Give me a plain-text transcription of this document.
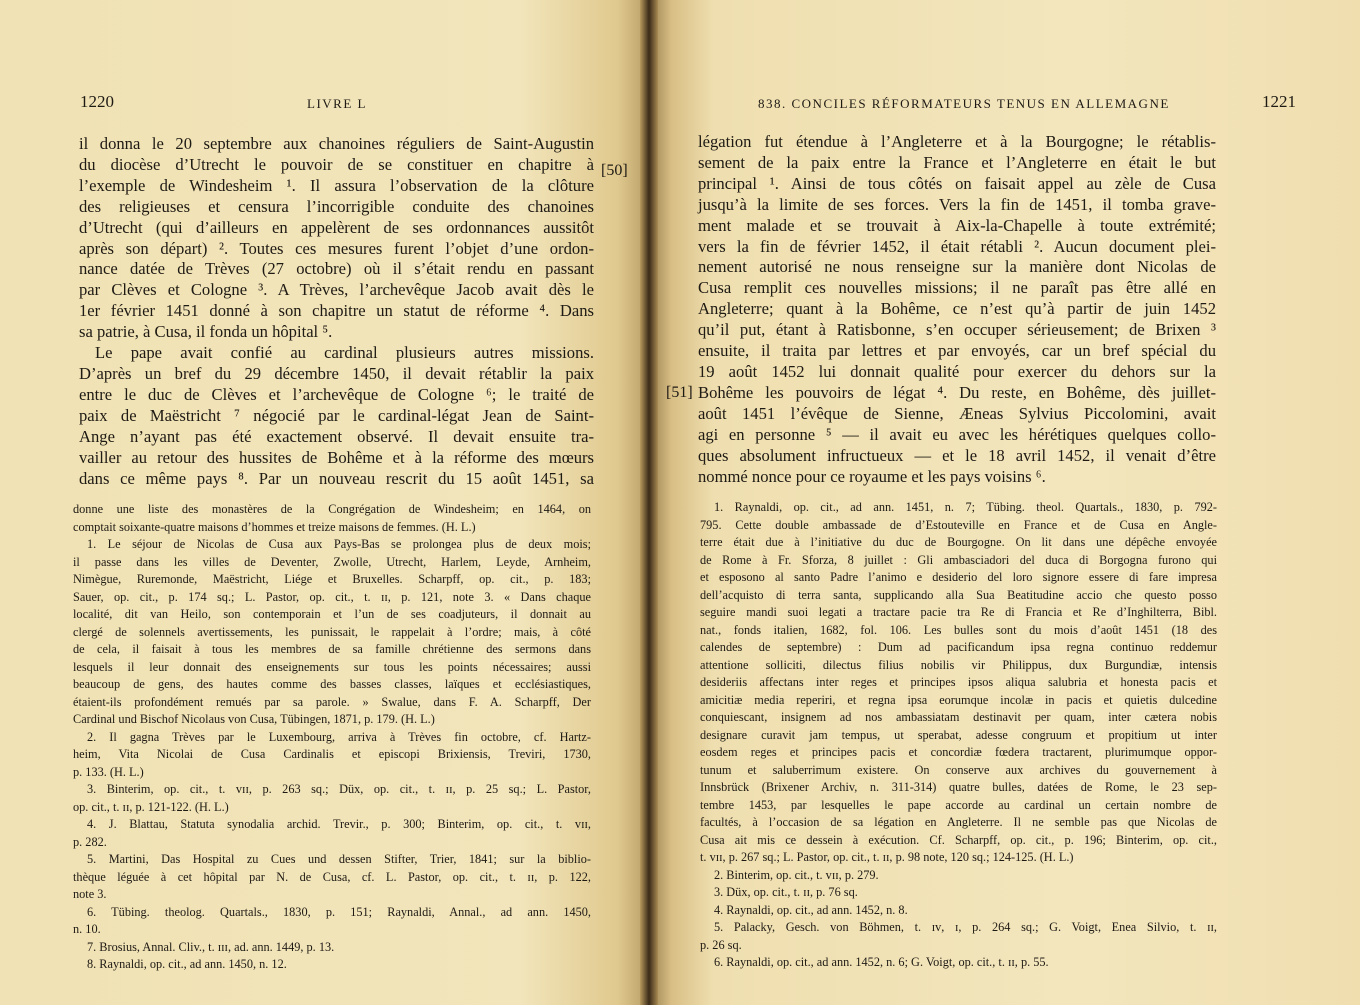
1220	LIVRE L
[50]
il donna le 20 septembre aux chanoines réguliers de Saint-Augustin
du diocèse d’Utrecht le pouvoir de se constituer en chapitre à
l’exemple de Windesheim ¹. Il assura l’observation de la clôture
des religieuses et censura l’incorrigible conduite des chanoines
d’Utrecht (qui d’ailleurs en appelèrent de ses ordonnances aussitôt
après son départ) ². Toutes ces mesures furent l’objet d’une ordon-
nance datée de Trèves (27 octobre) où il s’était rendu en passant
par Clèves et Cologne ³. A Trèves, l’archevêque Jacob avait dès le
1er février 1451 donné à son chapitre un statut de réforme ⁴. Dans
sa patrie, à Cusa, il fonda un hôpital ⁵.
Le pape avait confié au cardinal plusieurs autres missions.
D’après un bref du 29 décembre 1450, il devait rétablir la paix
entre le duc de Clèves et l’archevêque de Cologne ⁶; le traité de
paix de Maëstricht ⁷ négocié par le cardinal-légat Jean de Saint-
Ange n’ayant pas été exactement observé. Il devait ensuite tra-
vailler au retour des hussites de Bohême et à la réforme des mœurs
dans ce même pays ⁸. Par un nouveau rescrit du 15 août 1451, sa
donne une liste des monastères de la Congrégation de Windesheim; en 1464, on
comptait soixante-quatre maisons d’hommes et treize maisons de femmes. (H. L.)
1. Le séjour de Nicolas de Cusa aux Pays-Bas se prolongea plus de deux mois;
il passe dans les villes de Deventer, Zwolle, Utrecht, Harlem, Leyde, Arnheim,
Nimègue, Ruremonde, Maëstricht, Liége et Bruxelles. Scharpff, op. cit., p. 183;
Sauer, op. cit., p. 174 sq.; L. Pastor, op. cit., t. ɪɪ, p. 121, note 3. « Dans chaque
localité, dit van Heilo, son contemporain et l’un de ses coadjuteurs, il donnait au
clergé de solennels avertissements, les punissait, le rappelait à l’ordre; mais, à côté
de cela, il faisait à tous les membres de sa famille chrétienne des sermons dans
lesquels il leur donnait des enseignements sur tous les points nécessaires; aussi
beaucoup de gens, des hautes comme des basses classes, laïques et ecclésiastiques,
étaient-ils profondément remués par sa parole. » Swalue, dans F. A. Scharpff, Der
Cardinal und Bischof Nicolaus von Cusa, Tübingen, 1871, p. 179. (H. L.)
2. Il gagna Trèves par le Luxembourg, arriva à Trèves fin octobre, cf. Hartz-
heim, Vita Nicolai de Cusa Cardinalis et episcopi Brixiensis, Treviri, 1730,
p. 133. (H. L.)
3. Binterim, op. cit., t. ᴠɪɪ, p. 263 sq.; Düx, op. cit., t. ɪɪ, p. 25 sq.; L. Pastor,
op. cit., t. ɪɪ, p. 121-122. (H. L.)
4. J. Blattau, Statuta synodalia archid. Trevir., p. 300; Binterim, op. cit., t. ᴠɪɪ,
p. 282.
5. Martini, Das Hospital zu Cues und dessen Stifter, Trier, 1841; sur la biblio-
thèque léguée à cet hôpital par N. de Cusa, cf. L. Pastor, op. cit., t. ɪɪ, p. 122,
note 3.
6. Tübing. theolog. Quartals., 1830, p. 151; Raynaldi, Annal., ad ann. 1450,
n. 10.
7. Brosius, Annal. Cliv., t. ɪɪɪ, ad. ann. 1449, p. 13.
8. Raynaldi, op. cit., ad ann. 1450, n. 12.
838. CONCILES RÉFORMATEURS TENUS EN ALLEMAGNE	1221
[51]
légation fut étendue à l’Angleterre et à la Bourgogne; le rétablis-
sement de la paix entre la France et l’Angleterre en était le but
principal ¹. Ainsi de tous côtés on faisait appel au zèle de Cusa
jusqu’à la limite de ses forces. Vers la fin de 1451, il tomba grave-
ment malade et se trouvait à Aix-la-Chapelle à toute extrémité;
vers la fin de février 1452, il était rétabli ². Aucun document plei-
nement autorisé ne nous renseigne sur la manière dont Nicolas de
Cusa remplit ces nouvelles missions; il ne paraît pas être allé en
Angleterre; quant à la Bohême, ce n’est qu’à partir de juin 1452
qu’il put, étant à Ratisbonne, s’en occuper sérieusement; de Brixen ³
ensuite, il traita par lettres et par envoyés, car un bref spécial du
19 août 1452 lui donnait qualité pour exercer du dehors sur la
Bohême les pouvoirs de légat ⁴. Du reste, en Bohême, dès juillet-
août 1451 l’évêque de Sienne, Æneas Sylvius Piccolomini, avait
agi en personne ⁵ — il avait eu avec les hérétiques quelques collo-
ques absolument infructueux — et le 18 avril 1452, il venait d’être
nommé nonce pour ce royaume et les pays voisins ⁶.
1. Raynaldi, op. cit., ad ann. 1451, n. 7; Tübing. theol. Quartals., 1830, p. 792-
795. Cette double ambassade de d’Estouteville en France et de Cusa en Angle-
terre était due à l’initiative du duc de Bourgogne. On lit dans une dépêche envoyée
de Rome à Fr. Sforza, 8 juillet : Gli ambasciadori del duca di Borgogna furono qui
et esposono al santo Padre l’animo e desiderio del loro signore essere di fare impresa
dell’acquisto di terra santa, supplicando alla Sua Beatitudine accio che questo posso
seguire mandi suoi legati a tractare pacie tra Re di Francia et Re d’Inghilterra, Bibl.
nat., fonds italien, 1682, fol. 106. Les bulles sont du mois d’août 1451 (18 des
calendes de septembre) : Dum ad pacificandum ipsa regna continuo reddemur
attentione solliciti, dilectus filius nobilis vir Philippus, dux Burgundiæ, intensis
desideriis affectans inter reges et principes ipsos aliqua salubria et honesta pacis et
amicitiæ media reperiri, et regna ipsa eorumque incolæ in pacis et quietis dulcedine
conquiescant, insignem ad nos ambassiatam destinavit per quam, inter cætera nobis
designare curavit jam tempus, ut sperabat, adesse congruum et propitium ut inter
eosdem reges et principes pacis et concordiæ fœdera tractarent, plurimumque oppor-
tunum et saluberrimum existere. On conserve aux archives du gouvernement à
Innsbrück (Brixener Archiv, n. 311-314) quatre bulles, datées de Rome, le 23 sep-
tembre 1453, par lesquelles le pape accorde au cardinal un certain nombre de
facultés, à l’occasion de sa légation en Angleterre. Il ne semble pas que Nicolas de
Cusa ait mis ce dessein à exécution. Cf. Scharpff, op. cit., p. 196; Binterim, op. cit.,
t. ᴠɪɪ, p. 267 sq.; L. Pastor, op. cit., t. ɪɪ, p. 98 note, 120 sq.; 124-125. (H. L.)
2. Binterim, op. cit., t. ᴠɪɪ, p. 279.
3. Düx, op. cit., t. ɪɪ, p. 76 sq.
4. Raynaldi, op. cit., ad ann. 1452, n. 8.
5. Palacky, Gesch. von Böhmen, t. ɪᴠ, ɪ, p. 264 sq.; G. Voigt, Enea Silvio, t. ɪɪ,
p. 26 sq.
6. Raynaldi, op. cit., ad ann. 1452, n. 6; G. Voigt, op. cit., t. ɪɪ, p. 55.
